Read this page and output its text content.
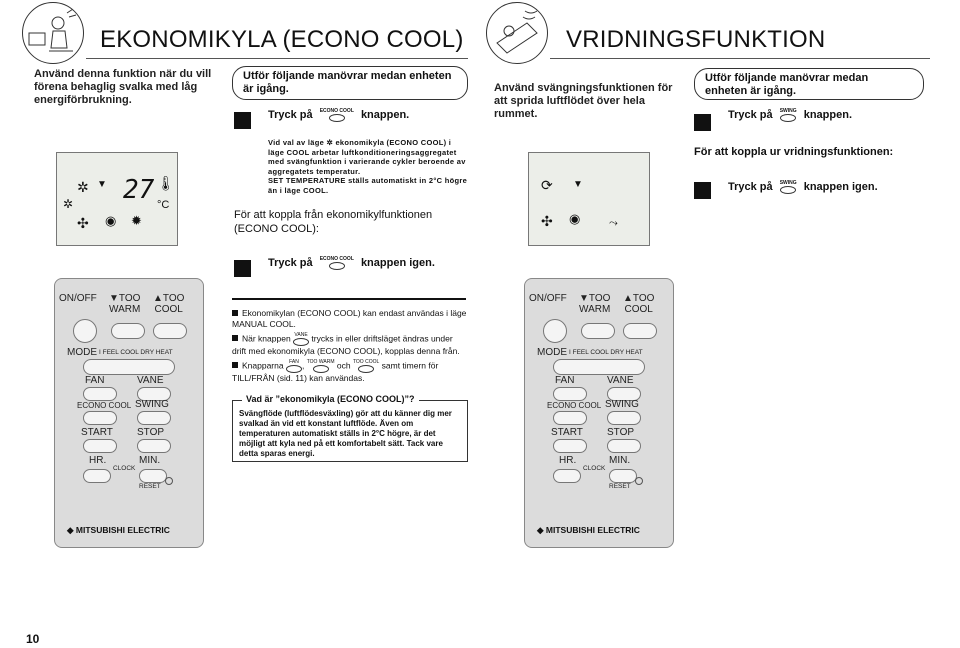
EKONOMIKYLA (ECONO COOL)	VRIDNINGSFUNKTION
Använd denna funktion när du vill förena behaglig svalka med låg energiförbrukning.
Utför följande manövrar medan enheten är igång.
Tryck på ECONO COOL knappen.
Vid val av läge ✲ ekonomikyla (ECONO COOL) i läge COOL arbetar luftkonditioneringsaggregatet med svängfunktion i varierande cykler beroende av aggregatets temperatur.
SET TEMPERATURE ställs automatiskt in 2°C högre än i läge COOL.
För att koppla från ekonomikylfunktionen (ECONO COOL):
Tryck på ECONO COOL knappen igen.
✲ ▼ 27 🌡
°C
✲
✣ ◉ ✹
ON/OFF ▼TOO
WARM
▲TOO
COOL
MODE I FEEL COOL DRY HEAT
FAN	VANE
ECONO COOL SWING
START STOP
HR.	MIN.
CLOCK
RESET
◆ MITSUBISHI ELECTRIC
Ekonomikylan (ECONO COOL) kan endast användas i läge MANUAL COOL.
När knappen VANE trycks in eller driftsläget ändras under drift med ekonomikyla (ECONO COOL), kopplas denna från.
Knapparna FAN , TOO WARM och TOO COOL samt timern för TILL/FRÅN (sid. 11) kan användas.
Svängflöde (luftflödesväxling) gör att du känner dig mer svalkad än vid ett konstant luftflöde. Även om temperaturen automatiskt ställs in 2°C högre, är det möjligt att kyla ned på ett komfortabelt sätt. Tack vare detta sparas energi.
Vad är ”ekonomikyla (ECONO COOL)”?
Använd svängningsfunktionen för att sprida luftflödet över hela rummet.
Utför följande manövrar medan enheten är igång.
Tryck på SWING knappen.
För att koppla ur vridningsfunktionen:
Tryck på SWING knappen igen.
⟳ ▼
✣ ◉	⤳
ON/OFF ▼TOO
WARM
▲TOO
COOL
MODE I FEEL COOL DRY HEAT
FAN	VANE
ECONO COOL SWING
START STOP
HR.	MIN.
CLOCK
RESET
◆ MITSUBISHI ELECTRIC
10
